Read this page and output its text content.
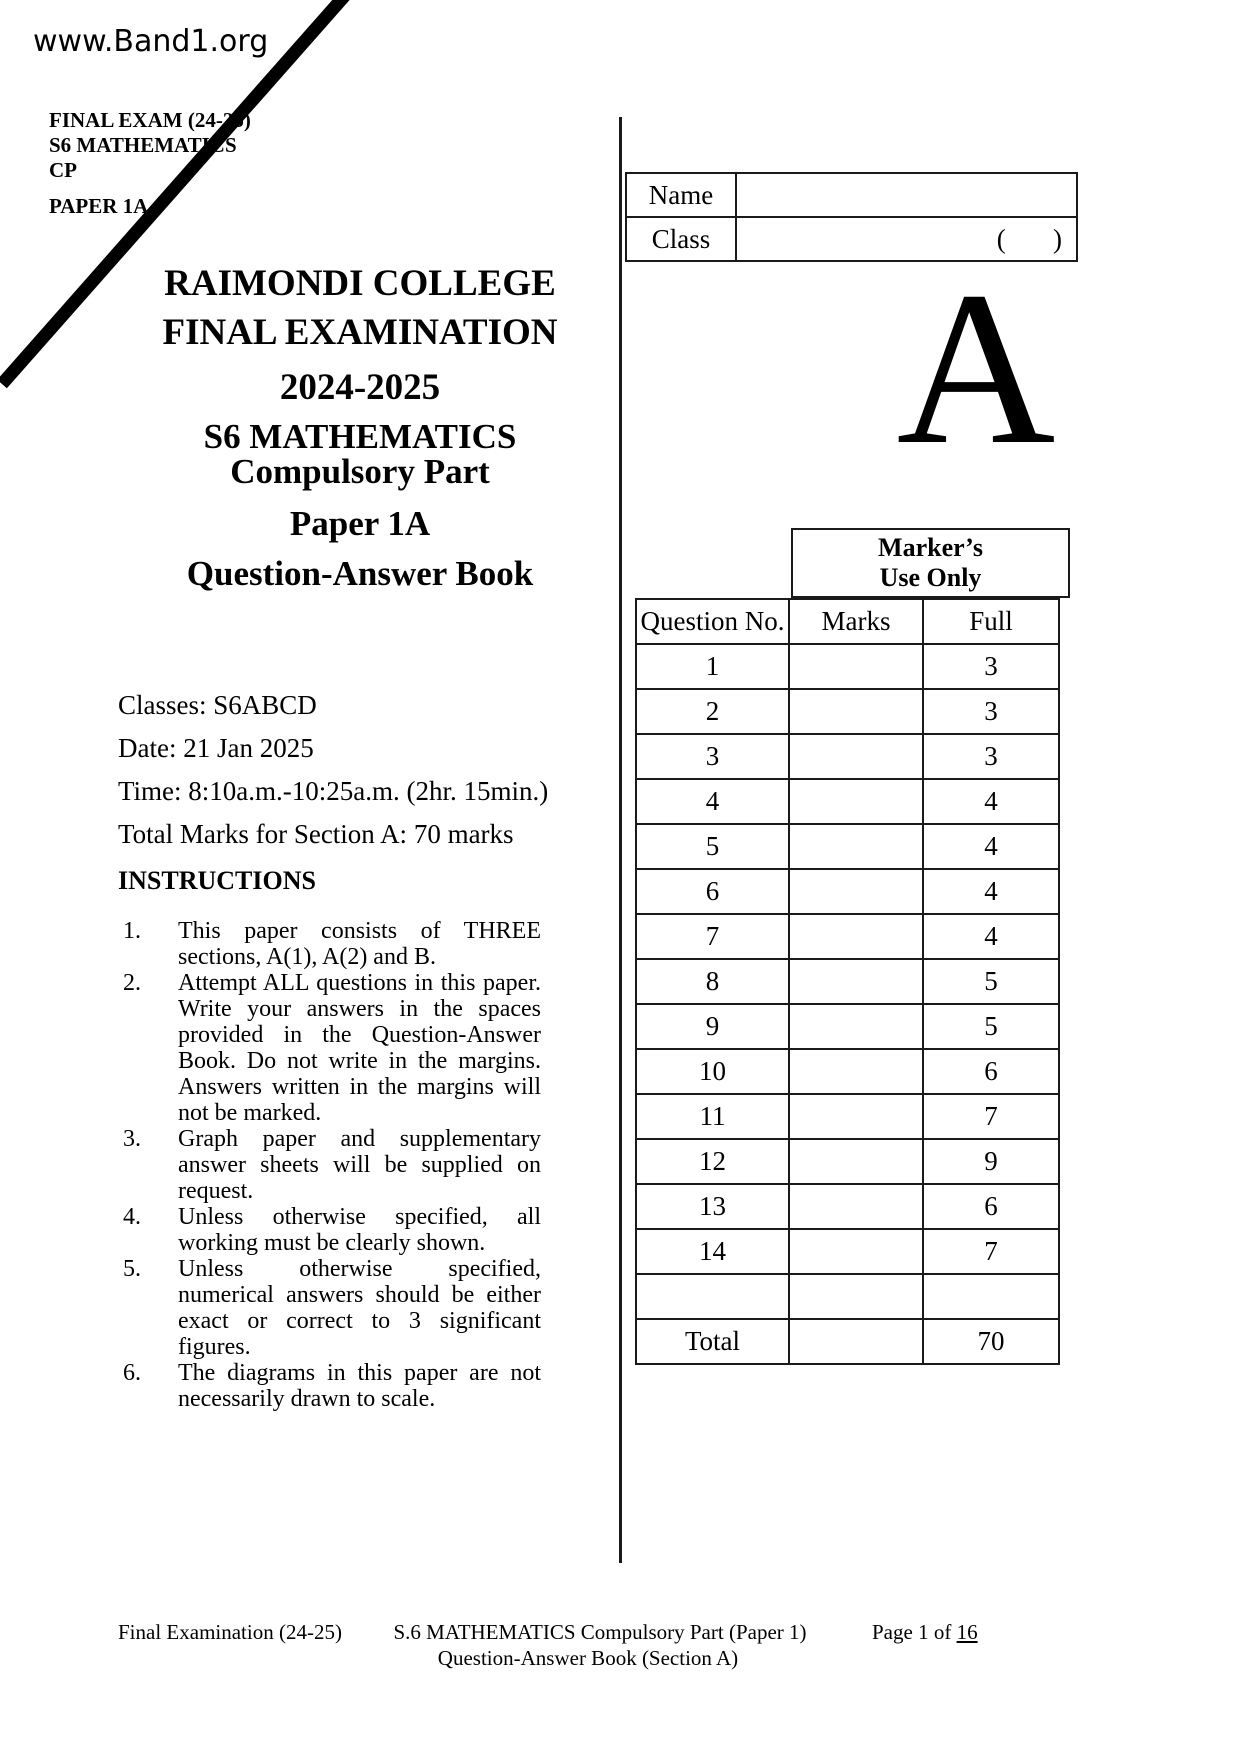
www.Band1.org
FINAL EXAM (24-25)
S6 MATHEMATICS
CP
PAPER 1A
RAIMONDI COLLEGE
FINAL EXAMINATION
2024-2025
S6 MATHEMATICS
Compulsory Part
Paper 1A
Question-Answer Book
Classes: S6ABCD
Date: 21 Jan 2025
Time: 8:10a.m.-10:25a.m. (2hr. 15min.)
Total Marks for Section A: 70 marks
INSTRUCTIONS
1.	This paper consists of THREE sections, A(1), A(2) and B.
2.	Attempt ALL questions in this paper. Write your answers in the spaces provided in the Question-Answer Book. Do not write in the margins. Answers written in the margins will not be marked.
3.	Graph paper and supplementary answer sheets will be supplied on request.
4.	Unless otherwise specified, all working must be clearly shown.
5.	Unless otherwise specified, numerical answers should be either exact or correct to 3 significant figures.
6.	The diagrams in this paper are not necessarily drawn to scale.
Name	
Class	(       )
A
Marker’s
Use Only
Question No.	Marks	Full
1		3
2		3
3		3
4		4
5		4
6		4
7		4
8		5
9		5
10		6
11		7
12		9
13		6
14		7

Total		70
Final Examination (24-25)	S.6 MATHEMATICS Compulsory Part (Paper 1)
Question-Answer Book (Section A)
Page 1 of 16
